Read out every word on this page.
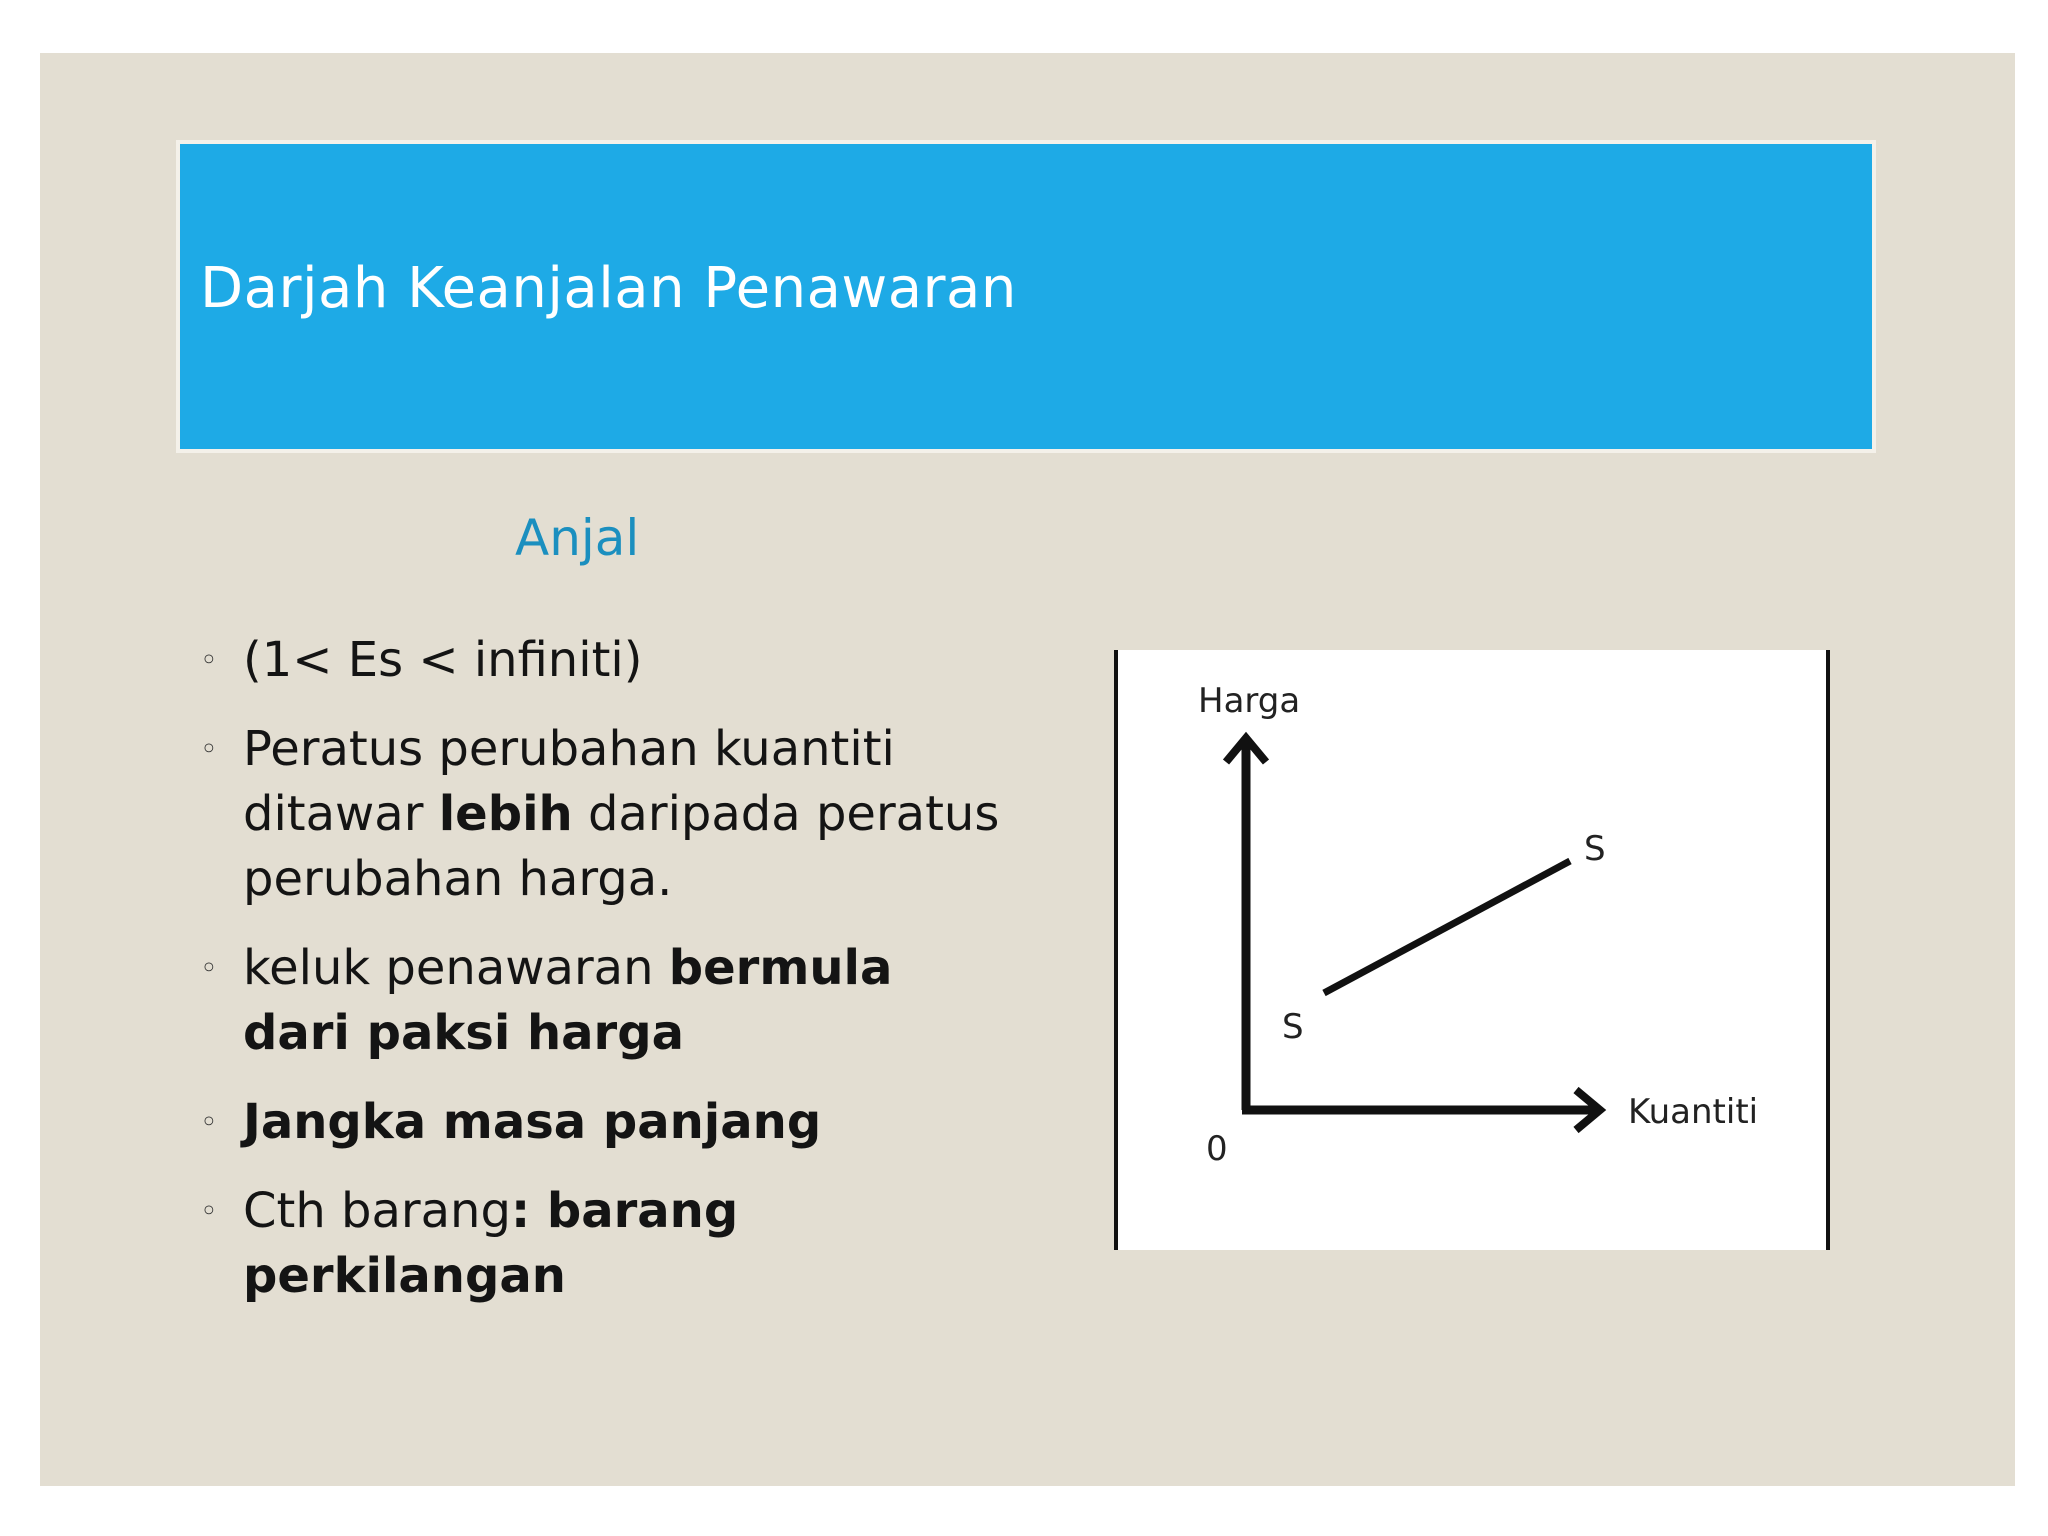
Darjah Keanjalan Penawaran
Anjal
◦ (1< Es < infiniti)
◦ Peratus perubahan kuantiti ditawar lebih daripada peratus perubahan harga.
◦ keluk penawaran bermula dari paksi harga
◦ Jangka masa panjang
◦ Cth barang: barang perkilangan
Harga
Kuantiti
0
S
S
